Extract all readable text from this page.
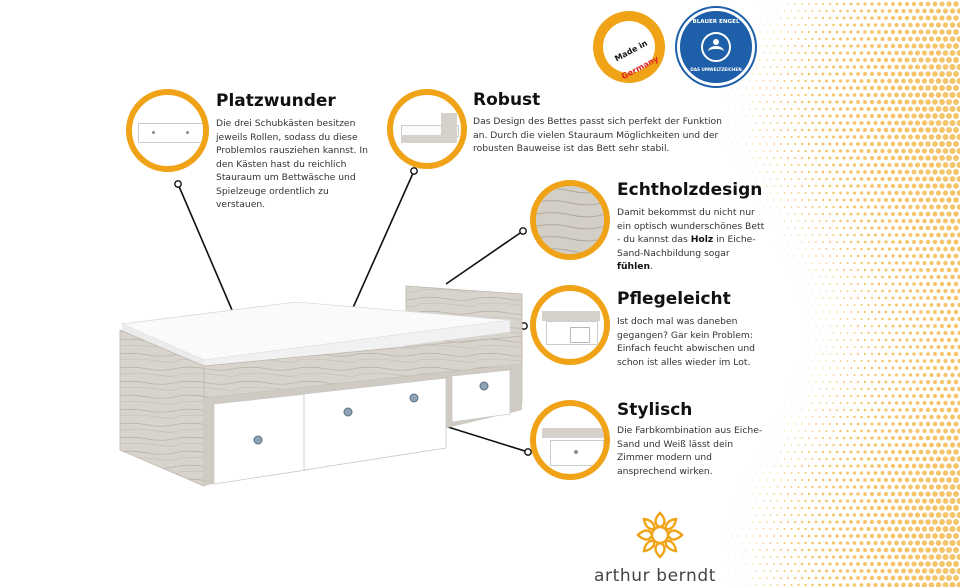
Made in Germany
BLAUER ENGEL
DAS UMWELTZEICHEN
Platzwunder
Die drei Schubkästen besitzen jeweils Rollen, sodass du diese Problemlos rausziehen kannst. In den Kästen hast du reichlich Stauraum um Bettwäsche und Spielzeuge ordentlich zu verstauen.
Robust
Das Design des Bettes passt sich perfekt der Funktion an. Durch die vielen Stauraum Möglichkeiten und der robusten Bauweise ist das Bett sehr stabil.
Echtholzdesign
Damit bekommst du nicht nur ein optisch wunderschönes Bett - du kannst das Holz in Eiche-Sand-Nachbildung sogar fühlen.
Pflegeleicht
Ist doch mal was daneben gegangen? Gar kein Problem: Einfach feucht abwischen und schon ist alles wieder im Lot.
Stylisch
Die Farbkombination aus Eiche-Sand und Weiß lässt dein Zimmer modern und ansprechend wirken.
arthur berndt
